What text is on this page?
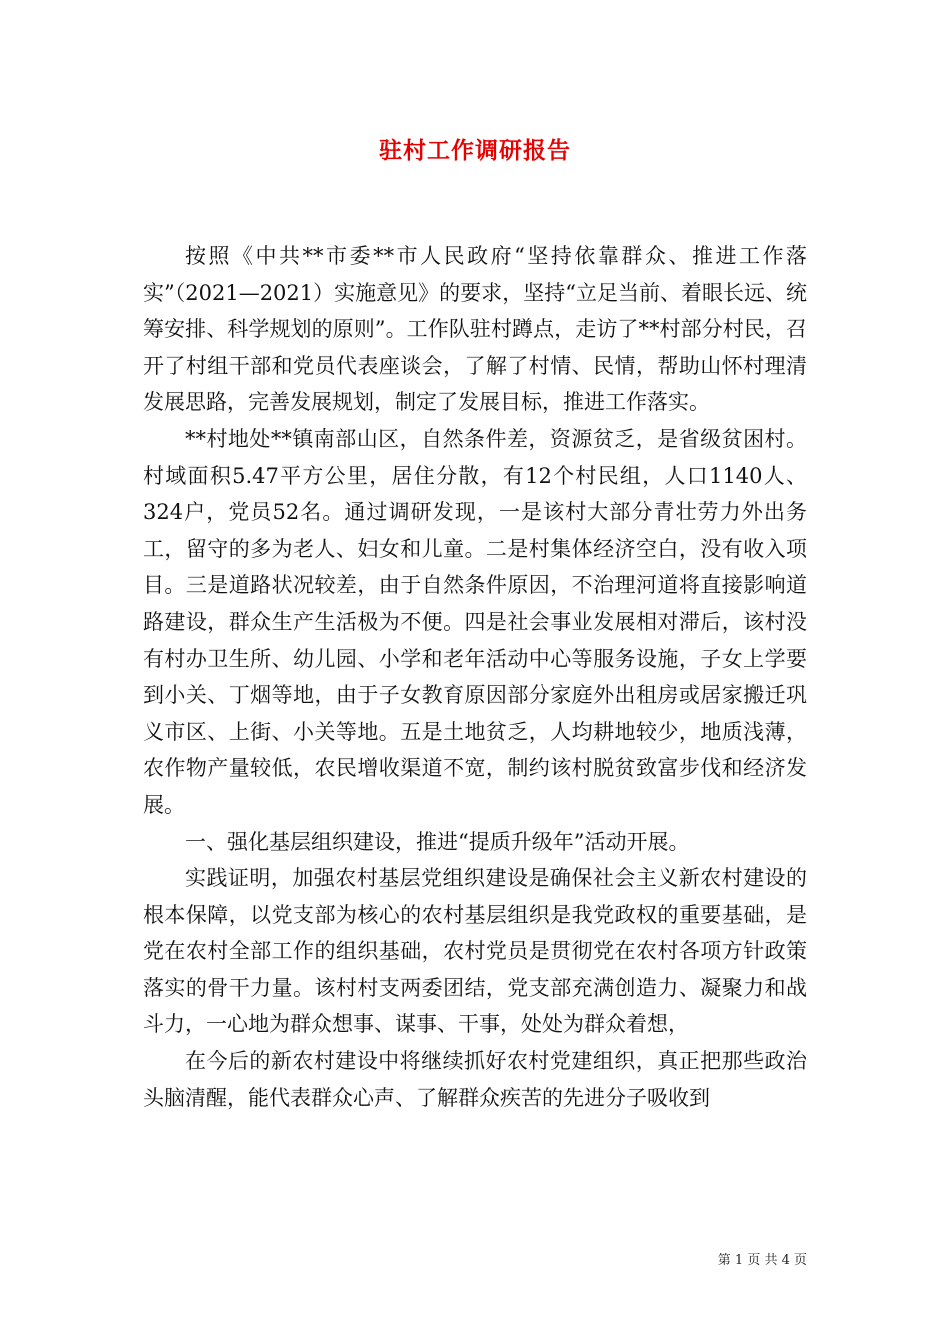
驻村工作调研报告

按照《中共**市委**市人民政府“坚持依靠群众、推进工作落实”（2021—2021）实施意见》的要求，坚持“立足当前、着眼长远、统筹安排、科学规划的原则”。工作队驻村蹲点，走访了**村部分村民，召开了村组干部和党员代表座谈会，了解了村情、民情，帮助山怀村理清发展思路，完善发展规划，制定了发展目标，推进工作落实。

**村地处**镇南部山区，自然条件差，资源贫乏，是省级贫困村。村域面积5.47平方公里，居住分散，有12个村民组，人口1140人、324户，党员52名。通过调研发现，一是该村大部分青壮劳力外出务工，留守的多为老人、妇女和儿童。二是村集体经济空白，没有收入项目。三是道路状况较差，由于自然条件原因，不治理河道将直接影响道路建设，群众生产生活极为不便。四是社会事业发展相对滞后，该村没有村办卫生所、幼儿园、小学和老年活动中心等服务设施，子女上学要到小关、丁烟等地，由于子女教育原因部分家庭外出租房或居家搬迁巩义市区、上街、小关等地。五是土地贫乏，人均耕地较少，地质浅薄，农作物产量较低，农民增收渠道不宽，制约该村脱贫致富步伐和经济发展。

一、强化基层组织建设，推进“提质升级年”活动开展。

实践证明，加强农村基层党组织建设是确保社会主义新农村建设的根本保障，以党支部为核心的农村基层组织是我党政权的重要基础，是党在农村全部工作的组织基础，农村党员是贯彻党在农村各项方针政策落实的骨干力量。该村村支两委团结，党支部充满创造力、凝聚力和战斗力，一心地为群众想事、谋事、干事，处处为群众着想，

在今后的新农村建设中将继续抓好农村党建组织，真正把那些政治头脑清醒，能代表群众心声、了解群众疾苦的先进分子吸收到

第 1 页 共 4 页
